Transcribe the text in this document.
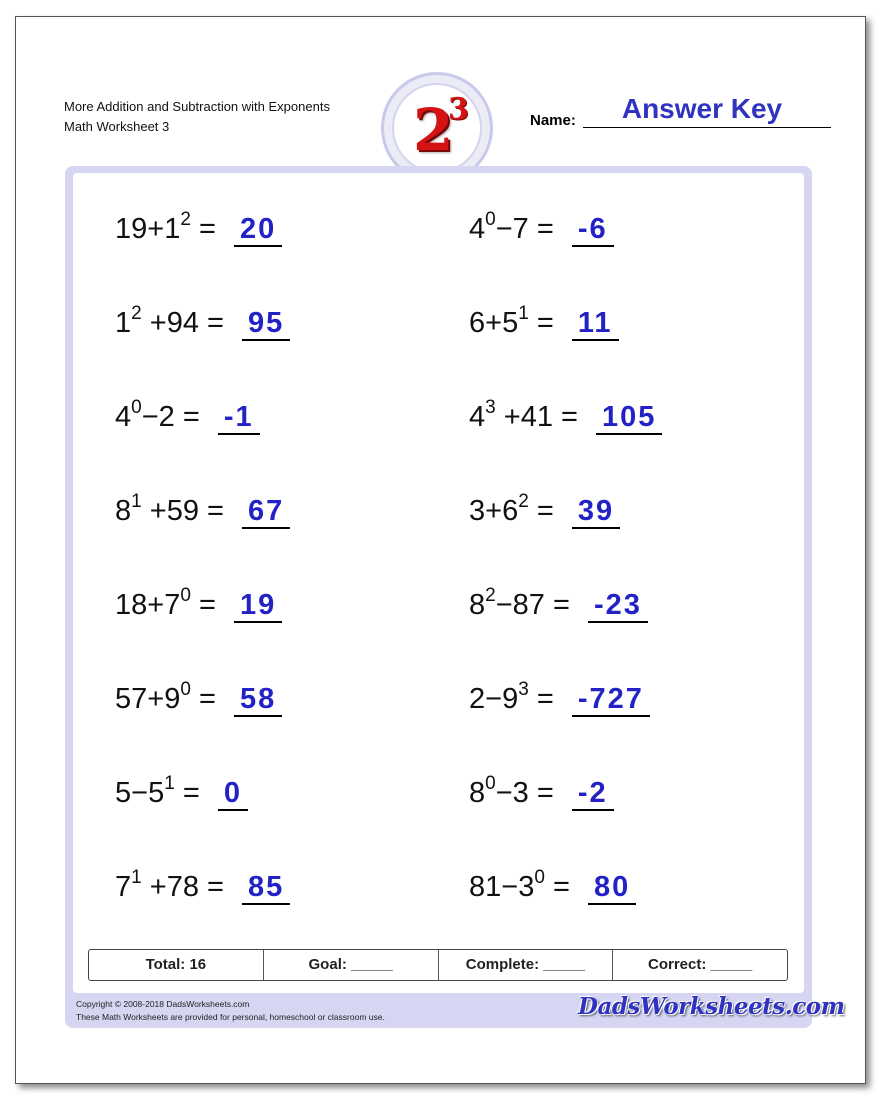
More Addition and Subtraction with Exponents
Math Worksheet 3	2
3	Name:	Answer Key
$19+1^2 = 20$	$4^0-7 = -6$
$1^2 +94 = 95$	$6+5^1 = 11$
$4^0-2 = -1$	$4^3 +41 = 105$
$8^1 +59 = 67$	$3+6^2 = 39$
$18+7^0 = 19$	$8^2-87 = -23$
$57+9^0 = 58$	$2-9^3 = -727$
$5-5^1 = 0$	$8^0-3 = -2$
$7^1 +78 = 85$	$81-3^0 = 80$
Total: 16	Goal: _____	Complete: _____	Correct: _____
Copyright © 2008-2018 DadsWorksheets.com
These Math Worksheets are provided for personal, homeschool or classroom use.	DadsWorksheets.com
